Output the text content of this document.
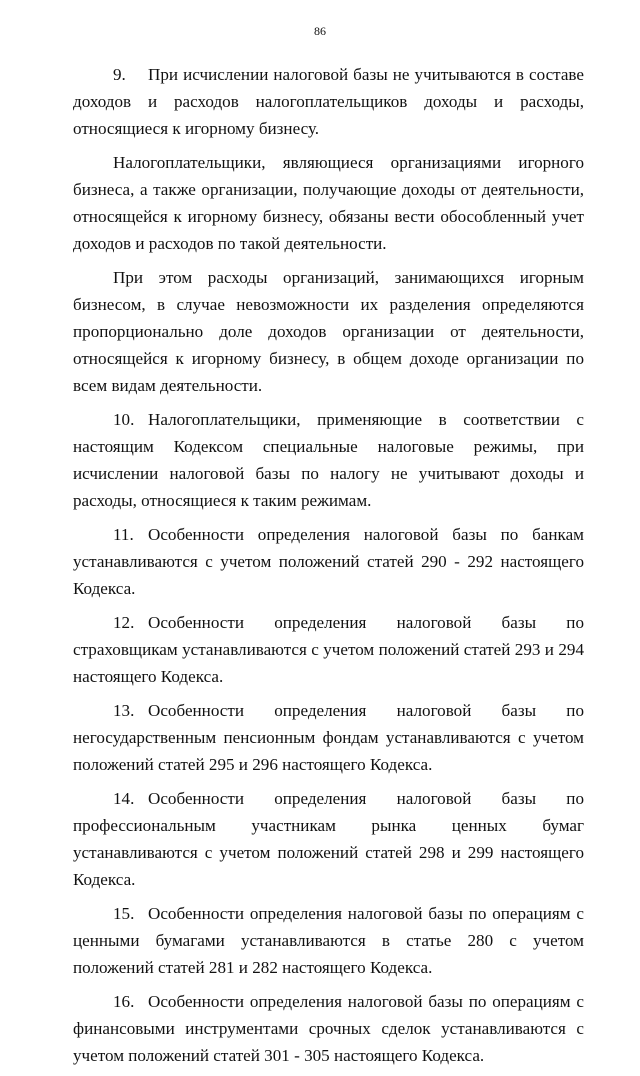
86

9. При исчислении налоговой базы не учитываются в составе доходов и расходов налогоплательщиков доходы и расходы, относящиеся к игорному бизнесу.

Налогоплательщики, являющиеся организациями игорного бизнеса, а также организации, получающие доходы от деятельности, относящейся к игорному бизнесу, обязаны вести обособленный учет доходов и расходов по такой деятельности.

При этом расходы организаций, занимающихся игорным бизнесом, в случае невозможности их разделения определяются пропорционально доле доходов организации от деятельности, относящейся к игорному бизнесу, в общем доходе организации по всем видам деятельности.

10. Налогоплательщики, применяющие в соответствии с настоящим Кодексом специальные налоговые режимы, при исчислении налоговой базы по налогу не учитывают доходы и расходы, относящиеся к таким режимам.

11. Особенности определения налоговой базы по банкам устанавливаются с учетом положений статей 290 - 292 настоящего Кодекса.

12. Особенности определения налоговой базы по страховщикам устанавливаются с учетом положений статей 293 и 294 настоящего Кодекса.

13. Особенности определения налоговой базы по негосударственным пенсионным фондам устанавливаются с учетом положений статей 295 и 296 настоящего Кодекса.

14. Особенности определения налоговой базы по профессиональным участникам рынка ценных бумаг устанавливаются с учетом положений статей 298 и 299 настоящего Кодекса.

15. Особенности определения налоговой базы по операциям с ценными бумагами устанавливаются в статье 280 с учетом положений статей 281 и 282 настоящего Кодекса.

16. Особенности определения налоговой базы по операциям с финансовыми инструментами срочных сделок устанавливаются с учетом положений статей 301 - 305 настоящего Кодекса.
